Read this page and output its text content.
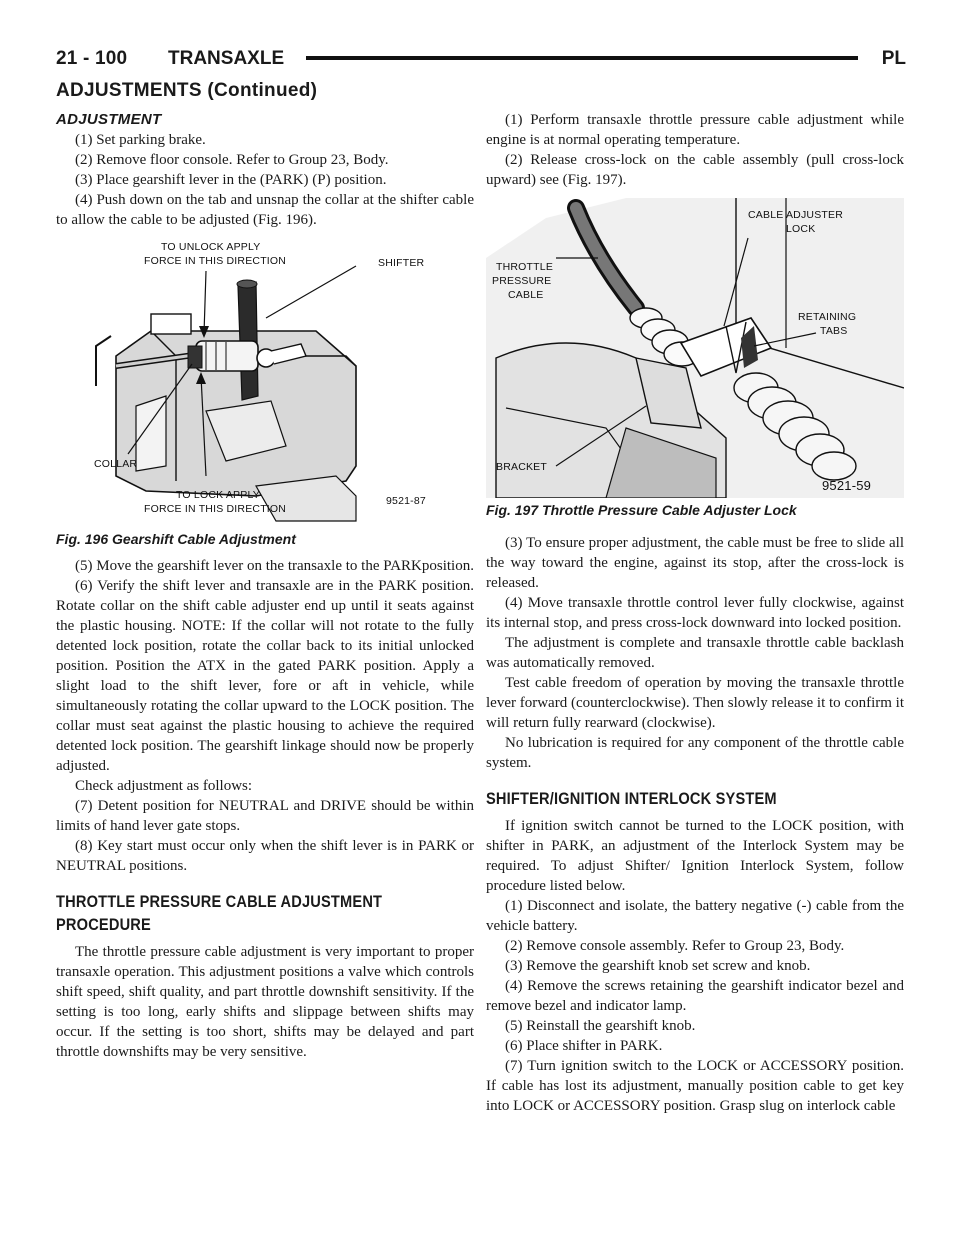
21 - 100 TRANSAXLE	PL
ADJUSTMENTS (Continued)

ADJUSTMENT

(1) Set parking brake.

(2) Remove floor console. Refer to Group 23, Body.

(3) Place gearshift lever in the (PARK) (P) position.

(4) Push down on the tab and unsnap the collar at the shifter cable to allow the cable to be adjusted (Fig. 196).

TO UNLOCK APPLY
FORCE IN THIS DIRECTION	SHIFTER
COLLAR
TO LOCK APPLY
FORCE IN THIS DIRECTION
9521-87

Fig. 196 Gearshift Cable Adjustment

(5) Move the gearshift lever on the transaxle to the PARKposition.

(6) Verify the shift lever and transaxle are in the PARK position. Rotate collar on the shift cable adjuster end up until it seats against the plastic housing. NOTE: If the collar will not rotate to the fully detented lock position, rotate the collar back to its initial unlocked position. Position the ATX in the gated PARK position. Apply a slight load to the shift lever, fore or aft in vehicle, while simultaneously rotating the collar upward to the LOCK position. The collar must seat against the plastic housing to achieve the required detented lock position. The gearshift linkage should now be properly adjusted.

Check adjustment as follows:

(7) Detent position for NEUTRAL and DRIVE should be within limits of hand lever gate stops.

(8) Key start must occur only when the shift lever is in PARK or NEUTRAL positions.

THROTTLE PRESSURE CABLE ADJUSTMENT PROCEDURE

The throttle pressure cable adjustment is very important to proper transaxle operation. This adjustment positions a valve which controls shift speed, shift quality, and part throttle downshift sensitivity. If the setting is too long, early shifts and slippage between shifts may occur. If the setting is too short, shifts may be delayed and part throttle downshifts may be very sensitive.

(1) Perform transaxle throttle pressure cable adjustment while engine is at normal operating temperature.

(2) Release cross-lock on the cable assembly (pull cross-lock upward) see (Fig. 197).

THROTTLE
PRESSURE
CABLE
CABLE ADJUSTER
LOCK
RETAINING
TABS
BRACKET
9521-59

Fig. 197 Throttle Pressure Cable Adjuster Lock

(3) To ensure proper adjustment, the cable must be free to slide all the way toward the engine, against its stop, after the cross-lock is released.

(4) Move transaxle throttle control lever fully clockwise, against its internal stop, and press cross-lock downward into locked position.

The adjustment is complete and transaxle throttle cable backlash was automatically removed.

Test cable freedom of operation by moving the transaxle throttle lever forward (counterclockwise). Then slowly release it to confirm it will return fully rearward (clockwise).

No lubrication is required for any component of the throttle cable system.

SHIFTER/IGNITION INTERLOCK SYSTEM

If ignition switch cannot be turned to the LOCK position, with shifter in PARK, an adjustment of the Interlock System may be required. To adjust Shifter/ Ignition Interlock System, follow procedure listed below.

(1) Disconnect and isolate, the battery negative (-) cable from the vehicle battery.

(2) Remove console assembly. Refer to Group 23, Body.

(3) Remove the gearshift knob set screw and knob.

(4) Remove the screws retaining the gearshift indicator bezel and remove bezel and indicator lamp.

(5) Reinstall the gearshift knob.

(6) Place shifter in PARK.

(7) Turn ignition switch to the LOCK or ACCESSORY position. If cable has lost its adjustment, manually position cable to get key into LOCK or ACCESSORY position. Grasp slug on interlock cable
